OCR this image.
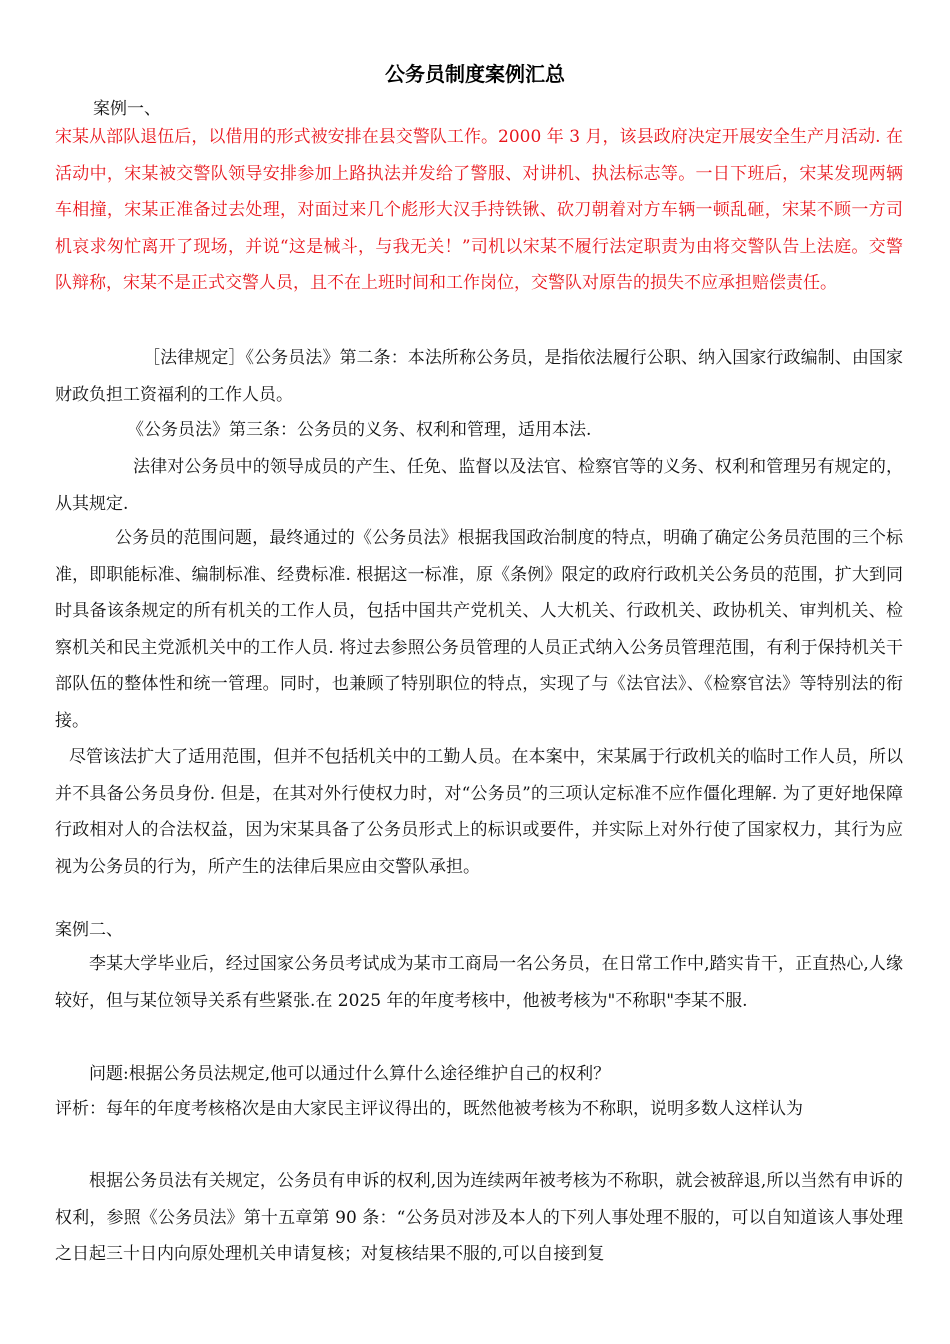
公务员制度案例汇总

案例一、

宋某从部队退伍后，以借用的形式被安排在县交警队工作。2000 年 3 月，该县政府决定开展安全生产月活动. 在活动中，宋某被交警队领导安排参加上路执法并发给了警服、对讲机、执法标志等。一日下班后，宋某发现两辆车相撞，宋某正准备过去处理，对面过来几个彪形大汉手持铁锹、砍刀朝着对方车辆一顿乱砸，宋某不顾一方司机哀求匆忙离开了现场，并说“这是械斗，与我无关！”司机以宋某不履行法定职责为由将交警队告上法庭。交警队辩称，宋某不是正式交警人员，且不在上班时间和工作岗位，交警队对原告的损失不应承担赔偿责任。

［法律规定］《公务员法》第二条：本法所称公务员，是指依法履行公职、纳入国家行政编制、由国家财政负担工资福利的工作人员。

《公务员法》第三条：公务员的义务、权利和管理，适用本法.

法律对公务员中的领导成员的产生、任免、监督以及法官、检察官等的义务、权利和管理另有规定的，从其规定.

公务员的范围问题，最终通过的《公务员法》根据我国政治制度的特点，明确了确定公务员范围的三个标准，即职能标准、编制标准、经费标准. 根据这一标准，原《条例》限定的政府行政机关公务员的范围，扩大到同时具备该条规定的所有机关的工作人员，包括中国共产党机关、人大机关、行政机关、政协机关、审判机关、检察机关和民主党派机关中的工作人员. 将过去参照公务员管理的人员正式纳入公务员管理范围，有利于保持机关干部队伍的整体性和统一管理。同时，也兼顾了特别职位的特点，实现了与《法官法》、《检察官法》等特别法的衔接。

尽管该法扩大了适用范围，但并不包括机关中的工勤人员。在本案中，宋某属于行政机关的临时工作人员，所以并不具备公务员身份. 但是，在其对外行使权力时，对“公务员”的三项认定标准不应作僵化理解. 为了更好地保障行政相对人的合法权益，因为宋某具备了公务员形式上的标识或要件，并实际上对外行使了国家权力，其行为应视为公务员的行为，所产生的法律后果应由交警队承担。

案例二、

李某大学毕业后，经过国家公务员考试成为某市工商局一名公务员，在日常工作中,踏实肯干，正直热心,人缘较好，但与某位领导关系有些紧张.在 2025 年的年度考核中，他被考核为"不称职"李某不服.

问题:根据公务员法规定,他可以通过什么算什么途径维护自己的权利？

评析：每年的年度考核格次是由大家民主评议得出的，既然他被考核为不称职，说明多数人这样认为

根据公务员法有关规定，公务员有申诉的权利,因为连续两年被考核为不称职，就会被辞退,所以当然有申诉的权利，参照《公务员法》第十五章第 90 条：“公务员对涉及本人的下列人事处理不服的，可以自知道该人事处理之日起三十日内向原处理机关申请复核；对复核结果不服的,可以自接到复
